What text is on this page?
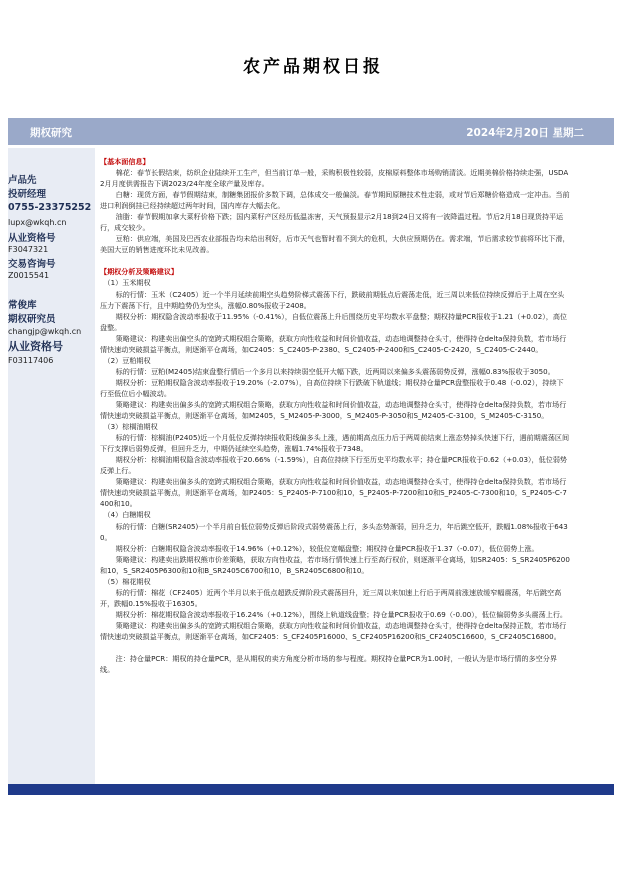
农产品期权日报
期权研究	2024年2月20日 星期二
卢品先
投研经理
0755-23375252
lupx@wkqh.cn
从业资格号
F3047321
交易咨询号
Z0015541
常俊库
期权研究员
changjp@wkqh.cn
从业资格号
F03117406

【基本面信息】

棉花：春节长假结束，纺织企业陆续开工生产，但当前订单一般，采购积极性较弱，皮棉原料整体市场购销清淡。近期美棉价格持续走强，USDA2月月度供需报告下调2023/24年度全球产量及库存。

白糖：现货方面，春节假期结束，制糖集团报价多数下调，总体成交一般偏淡。春节期间原糖技术性走弱，或对节后郑糖价格造成一定冲击。当前进口利润倒挂已经持续超过两年时间，国内库存大幅去化。

油脂：春节假期加拿大菜籽价格下跌；国内菜籽产区经历低温冻害，天气预报显示2月18到24日又将有一波降温过程。节后2月18日现货持平运行，成交较少。

豆粕：供应端，美国及巴西农业部报告均未给出利好，后市天气也暂时看不到大的危机，大供应预期仍在。需求端，节后需求较节前将环比下滑，美国大豆的销售进度环比未见改善。

【期权分析及策略建议】

（1）玉米期权

标的行情：玉米（C2405）近一个半月延续前期空头趋势阶梯式震荡下行，跌破前期低点后震荡走低，近三周以来低位持续反弹后于上周在空头压力下震荡下行，且中期趋势仍为空头，涨幅0.80%报收于2408。

期权分析：期权隐含波动率报收于11.95%（-0.41%），自低位震荡上升后围绕历史平均数水平盘整；期权持量PCR报收于1.21（+0.02），高位盘整。

策略建议：构建卖出偏空头的宽跨式期权组合策略，获取方向性收益和时间价值收益，动态地调整持仓头寸，使得持仓delta保持负数，若市场行情快速动突破损益平衡点，则逐渐平仓离场，如C2405：S_C2405-P-2380、S_C2405-P-2400和S_C2405-C-2420，S_C2405-C-2440。

（2）豆粕期权

标的行情：豆粕(M2405)结束盘整行情后一个多月以来持续弱空低开大幅下跌，近两周以来偏多头震荡弱势反弹，涨幅0.83%报收于3050。

期权分析：豆粕期权隐含波动率报收于19.20%（-2.07%），自高位持续下行跌破下轨道线；期权持仓量PCR盘整报收于0.48（-0.02），持续下行至低位后小幅波动。

策略建议：构建卖出偏多头的宽跨式期权组合策略，获取方向性收益和时间价值收益，动态地调整持仓头寸，使得持仓delta保持负数，若市场行情快速动突破损益平衡点，则逐渐平仓离场，如M2405，S_M2405-P-3000，S_M2405-P-3050和S_M2405-C-3100，S_M2405-C-3150。

（3）棕榈油期权

标的行情：棕榈油(P2405)近一个月低位反弹持续报收阳线偏多头上涨，遇前期高点压力后于两周前结束上涨态势掉头快速下行，遇前期震荡区间下行支撑后弱势反弹，但回升乏力，中期仍延续空头趋势，涨幅1.74%报收于7348。

期权分析：棕榈油期权隐含波动率报收于20.66%（-1.59%），自高位持续下行至历史平均数水平；持仓量PCR报收于0.62（+0.03），低位弱势反弹上行。

策略建议：构建卖出偏多头的宽跨式期权组合策略，获取方向性收益和时间价值收益，动态地调整持仓头寸，使得持仓delta保持负数，若市场行情快速动突破损益平衡点，则逐渐平仓离场，如P2405：S_P2405-P-7100和10，S_P2405-P-7200和10和S_P2405-C-7300和10，S_P2405-C-7400和10。

（4）白糖期权

标的行情：白糖(SR2405)一个半月前自低位弱势反弹后阶段式弱势震荡上行，多头态势渐弱，回升乏力，年后跳空低开，跌幅1.08%报收于6430。

期权分析：白糖期权隐含波动率报收于14.96%（+0.12%），较低位宽幅盘整；期权持仓量PCR报收于1.37（-0.07），低位弱势上涨。

策略建议：构建卖出跌期权熊市价差策略，获取方向性收益，若市场行情快速上行至高行权价，则逐渐平仓离场，如SR2405：S_SR2405P6200和10，S_SR2405P6300和10和B_SR2405C6700和10，B_SR2405C6800和10。

（5）棉花期权

标的行情：棉花（CF2405）近两个半月以来于低点超跌反弹阶段式震荡回升，近三周以来加速上行后于两周前涨速放缓窄幅震荡，年后跳空高开，跌幅0.15%报收于16305。

期权分析：棉花期权隐含波动率报收于16.24%（+0.12%），围绕上轨道线盘整；持仓量PCR报收于0.69（-0.00），低位偏弱势多头震荡上行。

策略建议：构建卖出偏多头的宽跨式期权组合策略，获取方向性收益和时间价值收益，动态地调整持仓头寸，使得持仓delta保持正数，若市场行情快速动突破损益平衡点，则逐渐平仓离场，如CF2405：S_CF2405P16000、S_CF2405P16200和S_CF2405C16600，S_CF2405C16800。

注：持仓量PCR：期权的持仓量PCR，是从期权的卖方角度分析市场的参与程度。期权持仓量PCR为1.00时，一般认为是市场行情的多空分界线。
